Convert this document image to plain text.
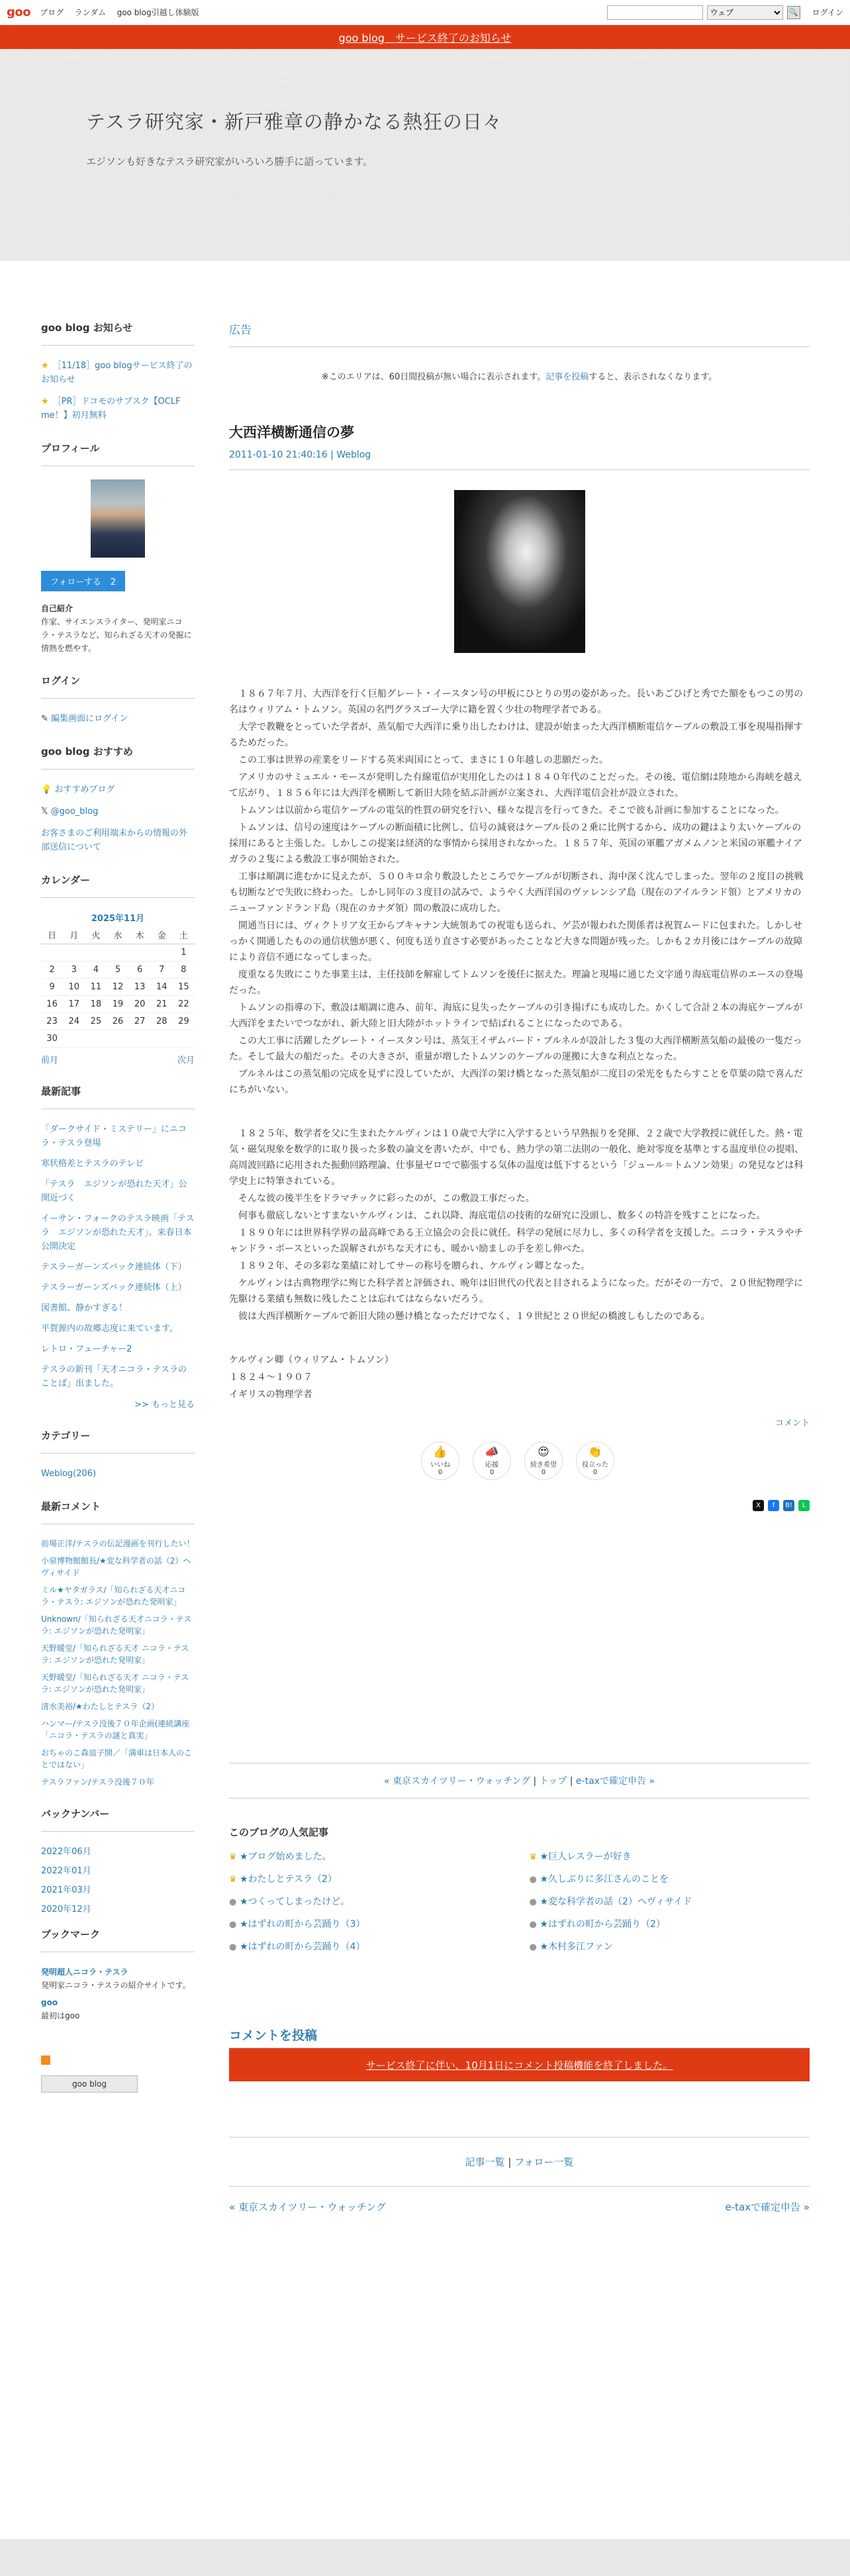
goo ブログ ランダム goo blog引越し体験版
ウェブ	🔍 ログイン
goo blog　サービス終了のお知らせ
テスラ研究家・新戸雅章の静かなる熱狂の日々

エジソンも好きなテスラ研究家がいろいろ勝手に語っています。

goo blog お知らせ
★ ［11/18］goo blogサービス終了のお知らせ
★ ［PR］ドコモのサブスク【OCLF me！】初月無料
プロフィール
フォローする 2
自己紹介
作家、サイエンスライター、発明家ニコラ・テスラなど、知られざる天才の発掘に情熱を燃やす。
ログイン
✎ 編集画面にログイン
goo blog おすすめ
💡 おすすめブログ
𝕏 @goo_blog
お客さまのご利用端末からの情報の外部送信について
カレンダー
2025年11月
日	月	火	水	木	金	土
						1
2	3	4	5	6	7	8
9	10	11	12	13	14	15
16	17	18	19	20	21	22
23	24	25	26	27	28	29
30						
前月	次月
最新記事
「ダークサイド・ミステリー」にニコラ・テスラ登場
寒状格差とテスラのテレビ
「テスラ　エジソンが恐れた天才」公開近づく
イーサン・フォークのテスラ映画「テスラ　エジソンが恐れた天才」、来春日本公開決定
テスラーガーンズバック連続体（下）
テスラーガーンズバック連続体（上）
図書館、静かすぎる！
平賀源内の故郷志度に来ています。
レトロ・フューチャー2
テスラの新刊「天才ニコラ・テスラのことば」出ました。
>> もっと見る
カテゴリー
Weblog(206)
最新コメント
前場正洋/テスラの伝記漫画を刊行したい！
小泉博物館館長/★変な科学者の話（2）ヘヴィサイド
ミル★ヤタガラス/「知られざる天才ニコラ・テスラ: エジソンが恐れた発明家」
Unknown/「知られざる天才ニコラ・テスラ: エジソンが恐れた発明家」
天野暖堂/「知られざる天才 ニコラ・テスラ: エジソンが恐れた発明家」
天野暖堂/「知られざる天才 ニコラ・テスラ: エジソンが恐れた発明家」
清水美裕/★わたしとテスラ（2）
ハンマー/テスラ没後７０年企画(連続講座「ニコラ・テスラの謎と真実」
おちゃのこ森皿子開／「満車は日本人のことではない」
テスラファン/テスラ没後７０年
バックナンバー
2022年06月
2022年01月
2021年03月
2020年12月
ブックマーク
発明超人ニコラ・テスラ
発明家ニコラ・テスラの紹介サイトです。
goo
最初はgoo
goo blog
広告
※このエリアは、60日間投稿が無い場合に表示されます。記事を投稿すると、表示されなくなります。
大西洋横断通信の夢
2011-01-10 21:40:16 | Weblog

１８６７年７月、大西洋を行く巨船グレート・イースタン号の甲板にひとりの男の姿があった。長いあごひげと秀でた額をもつこの男の名はウィリアム・トムソン。英国の名門グラスゴー大学に籍を置く少壮の物理学者である。

大学で教鞭をとっていた学者が、蒸気船で大西洋に乗り出したわけは、建設が始まった大西洋横断電信ケーブルの敷設工事を現場指揮するためだった。

この工事は世界の産業をリードする英米両国にとって、まさに１０年越しの悲願だった。

アメリカのサミュエル・モースが発明した有線電信が実用化したのは１８４０年代のことだった。その後、電信網は陸地から海峡を越えて広がり、１８５６年には大西洋を横断して新旧大陸を結ぶ計画が立案され、大西洋電信会社が設立された。

トムソンは以前から電信ケーブルの電気的性質の研究を行い、様々な提言を行ってきた。そこで彼も計画に参加することになった。

トムソンは、信号の速度はケーブルの断面積に比例し、信号の減衰はケーブル長の２乗に比例するから、成功の鍵はより太いケーブルの採用にあると主張した。しかしこの提案は経済的な事情から採用されなかった。１８５７年、英国の軍艦アガメムノンと米国の軍艦ナイアガラの２隻による敷設工事が開始された。

工事は順調に進むかに見えたが、５００キロ余り敷設したところでケーブルが切断され、海中深く沈んでしまった。翌年の２度目の挑戦も切断などで失敗に終わった。しかし同年の３度目の試みで、ようやく大西洋国のヴァレンシア島（現在のアイルランド領）とアメリカのニューファンドランド島（現在のカナダ領）間の敷設に成功した。

開通当日には、ヴィクトリア女王からブキャナン大統領あての祝電も送られ、ゲ芸が報われた関係者は祝賀ムードに包まれた。しかしせっかく開通したものの通信状態が悪く、何度も送り直さす必要があったことなど大きな問題が残った。しかも２カ月後にはケーブルの故障により音信不通になってしまった。

度重なる失敗にこりた事業主は、主任技師を解雇してトムソンを後任に据えた。理論と現場に通じた文字通り海底電信界のエースの登場だった。

トムソンの指導の下、敷設は順調に進み、前年、海底に見失ったケーブルの引き揚げにも成功した。かくして合計２本の海底ケーブルが大西洋をまたいでつながれ、新大陸と旧大陸がホットラインで結ばれることになったのである。

この大工事に活躍したグレート・イースタン号は、蒸気王イザムバード・ブルネルが設計した３隻の大西洋横断蒸気船の最後の一隻だった。そして最大の船だった。その大きさが、重量が増したトムソンのケーブルの運搬に大きな利点となった。

ブルネルはこの蒸気船の完成を見ずに没していたが、大西洋の架け橋となった蒸気船が二度目の栄光をもたらすことを草葉の陰で喜んだにちがいない。

１８２５年、数学者を父に生まれたケルヴィンは１０歳で大学に入学するという早熟振りを発揮、２２歳で大学教授に就任した。熱・電気・磁気現象を数学的に取り扱った多数の論文を書いたが、中でも、熱力学の第二法則の一般化、絶対零度を基準とする温度単位の提唱、高周波回路に応用された振動回路理論、仕事量ゼロでで膨張する気体の温度は低下するという「ジュール＝トムソン効果」の発見などは科学史上に特筆されている。

そんな彼の後半生をドラマチックに彩ったのが、この敷設工事だった。

何事も徹底しないとすまないケルヴィンは、これ以降、海底電信の技術的な研究に没頭し、数多くの特許を残すことになった。

１８９０年には世界科学界の最高峰である王立協会の会長に就任。科学の発展に尽力し、多くの科学者を支援した。ニコラ・テスラやチャンドラ・ボースといった誤解されがちな天才にも、暖かい励ましの手を差し伸べた。

１８９２年、その多彩な業績に対してサーの称号を贈られ、ケルヴィン卿となった。

ケルヴィンは古典物理学に殉じた科学者と評価され、晩年は旧世代の代表と目されるようになった。だがその一方で、２０世紀物理学に先駆ける業績も無数に残したことは忘れてはならないだろう。

彼は大西洋横断ケーブルで新旧大陸の懸け橋となっただけでなく、１９世紀と２０世紀の橋渡しもしたのである。

ケルヴィン卿（ウィリアム・トムソン）

１８２４～１９０７

イギリスの物理学者

コメント
👍
いいね
0
📣
応援
0
😍
続き希望
0
👏
役立った
0
X	f	B!	L
« 東京スカイツリー・ウォッチング | トップ | e-taxで確定申告 »
このブログの人気記事
♛ ★ブログ始めました。	♛ ★巨人レスラーが好き
♛ ★わたしとテスラ（2）	● ★久しぶりに多江さんのことを
● ★つくってしまったけど。	● ★変な科学者の話（2）ヘヴィサイド
● ★はずれの町から芸踊り（3）	● ★はずれの町から芸踊り（2）
● ★はずれの町から芸踊り（4）	● ★木村多江ファン
コメントを投稿
サービス終了に伴い、10月1日にコメント投稿機能を終了しました。
記事一覧 | フォロー一覧
« 東京スカイツリー・ウォッチング	e-taxで確定申告 »
